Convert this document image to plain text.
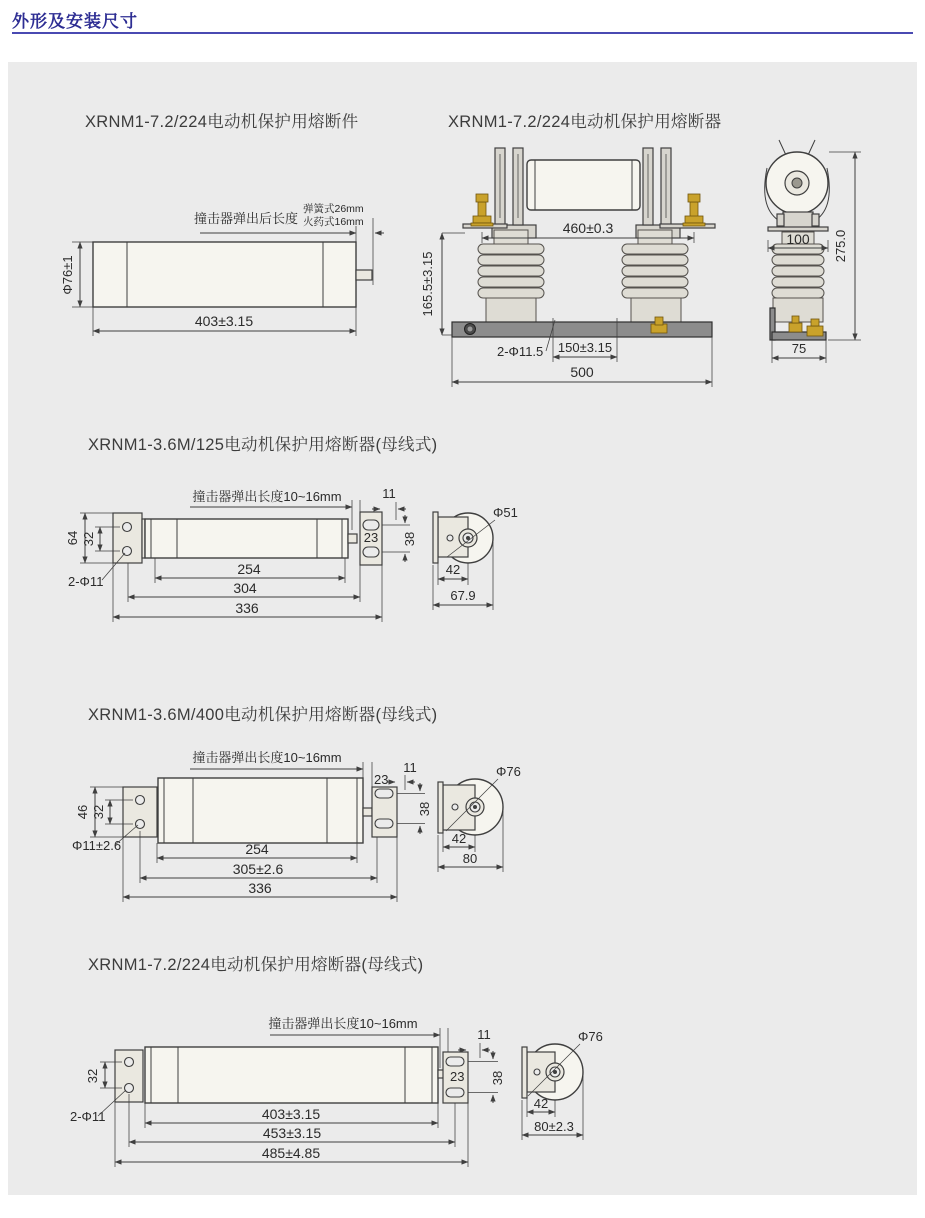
外形及安装尺寸
XRNM1-7.2/224电动机保护用熔断件	XRNM1-7.2/224电动机保护用熔断器
XRNM1-3.6M/125电动机保护用熔断器(母线式)
XRNM1-3.6M/400电动机保护用熔断器(母线式)
XRNM1-7.2/224电动机保护用熔断器(母线式)
Φ76±1
403±3.15
撞击器弹出后长度
弹簧式26mm
火药式16mm	460±0.3
165.5±3.15
2-Φ11.5 150±3.15
500
100
75
275.0
撞击器弹出长度10~16mm
23
11
38
64 32
2-Φ11
254
304
336
Φ51
42
67.9
撞击器弹出长度10~16mm
23
11
38
46 32
Φ11±2.6	254
305±2.6
336
Φ76
42
80
撞击器弹出长度10~16mm
23
11
38
32
2-Φ11	403±3.15
453±3.15
485±4.85
Φ76
42
80±2.3
